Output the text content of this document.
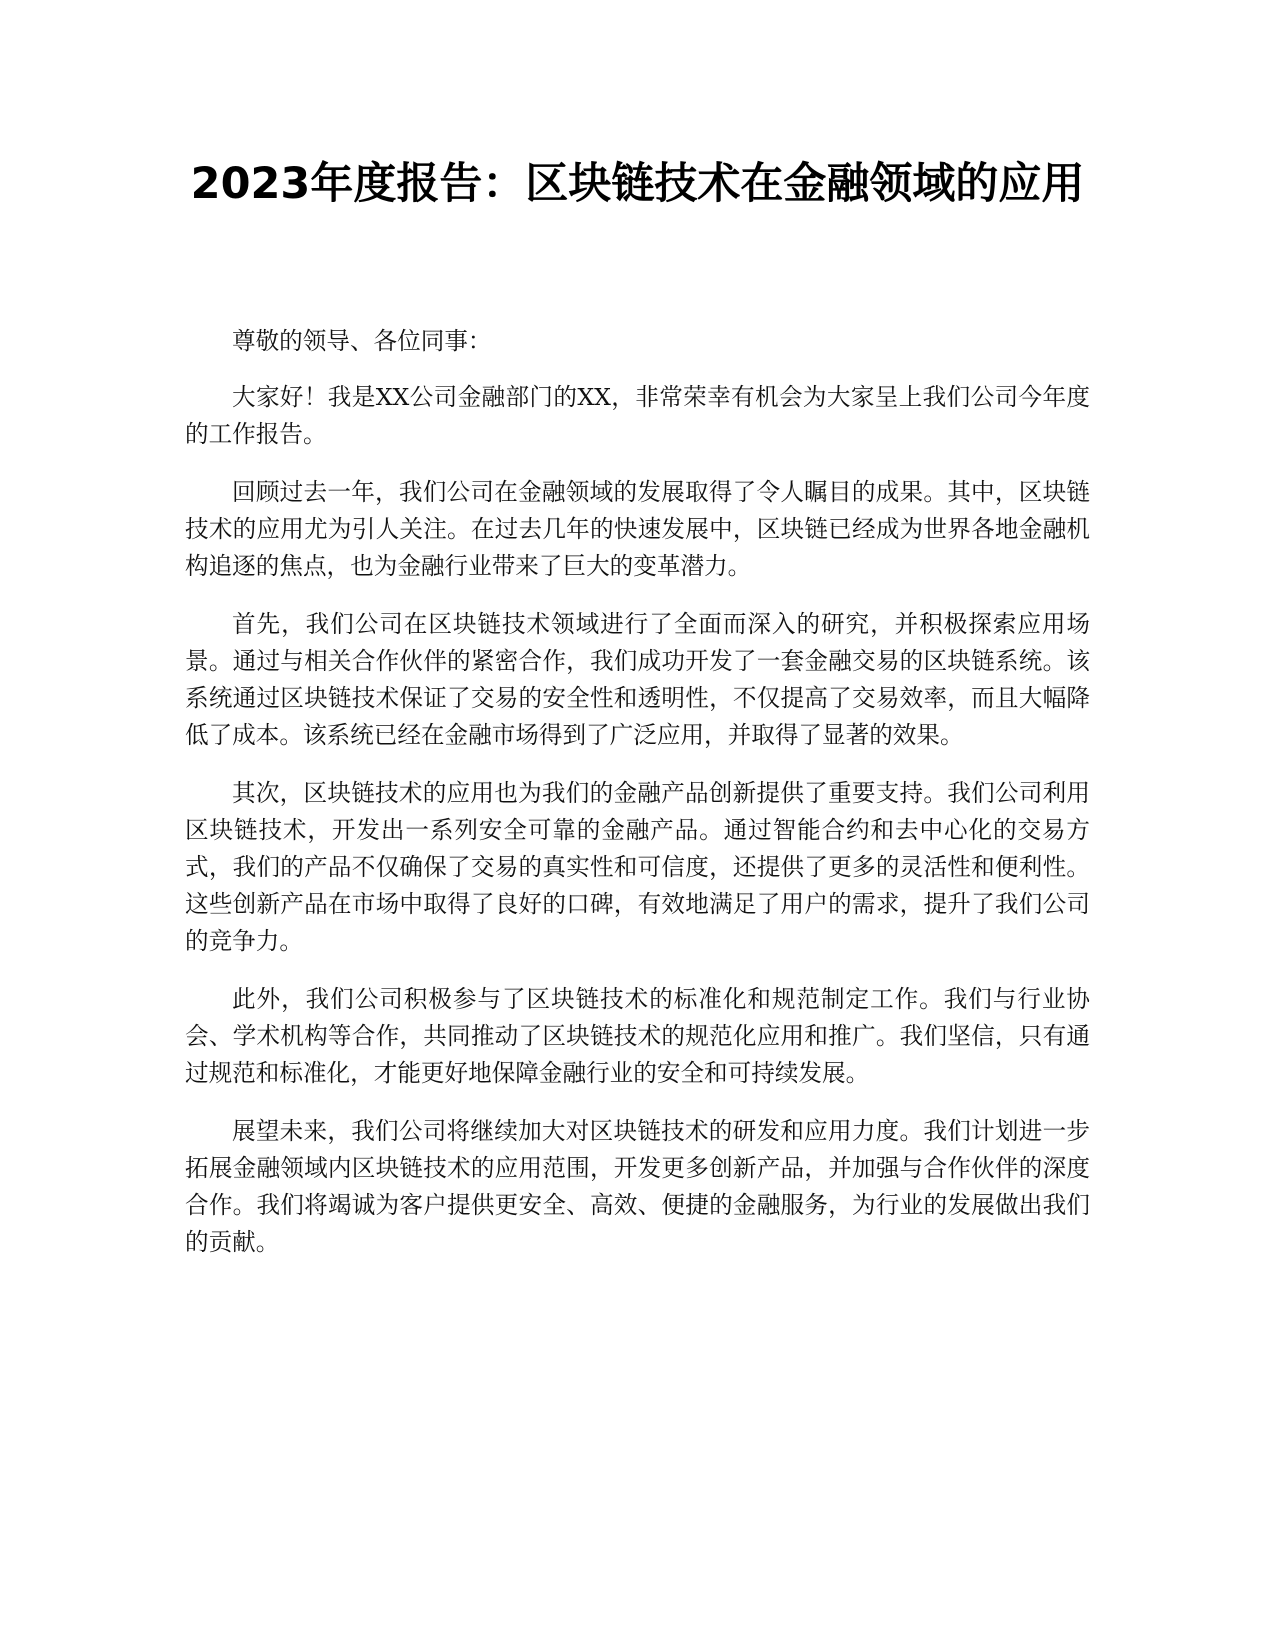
2023年度报告：区块链技术在金融领域的应用

尊敬的领导、各位同事：

大家好！我是XX公司金融部门的XX，非常荣幸有机会为大家呈上我们公司今年度的工作报告。

回顾过去一年，我们公司在金融领域的发展取得了令人瞩目的成果。其中，区块链技术的应用尤为引人关注。在过去几年的快速发展中，区块链已经成为世界各地金融机构追逐的焦点，也为金融行业带来了巨大的变革潜力。

首先，我们公司在区块链技术领域进行了全面而深入的研究，并积极探索应用场景。通过与相关合作伙伴的紧密合作，我们成功开发了一套金融交易的区块链系统。该系统通过区块链技术保证了交易的安全性和透明性，不仅提高了交易效率，而且大幅降低了成本。该系统已经在金融市场得到了广泛应用，并取得了显著的效果。

其次，区块链技术的应用也为我们的金融产品创新提供了重要支持。我们公司利用区块链技术，开发出一系列安全可靠的金融产品。通过智能合约和去中心化的交易方式，我们的产品不仅确保了交易的真实性和可信度，还提供了更多的灵活性和便利性。这些创新产品在市场中取得了良好的口碑，有效地满足了用户的需求，提升了我们公司的竞争力。

此外，我们公司积极参与了区块链技术的标准化和规范制定工作。我们与行业协会、学术机构等合作，共同推动了区块链技术的规范化应用和推广。我们坚信，只有通过规范和标准化，才能更好地保障金融行业的安全和可持续发展。

展望未来，我们公司将继续加大对区块链技术的研发和应用力度。我们计划进一步拓展金融领域内区块链技术的应用范围，开发更多创新产品，并加强与合作伙伴的深度合作。我们将竭诚为客户提供更安全、高效、便捷的金融服务，为行业的发展做出我们的贡献。
